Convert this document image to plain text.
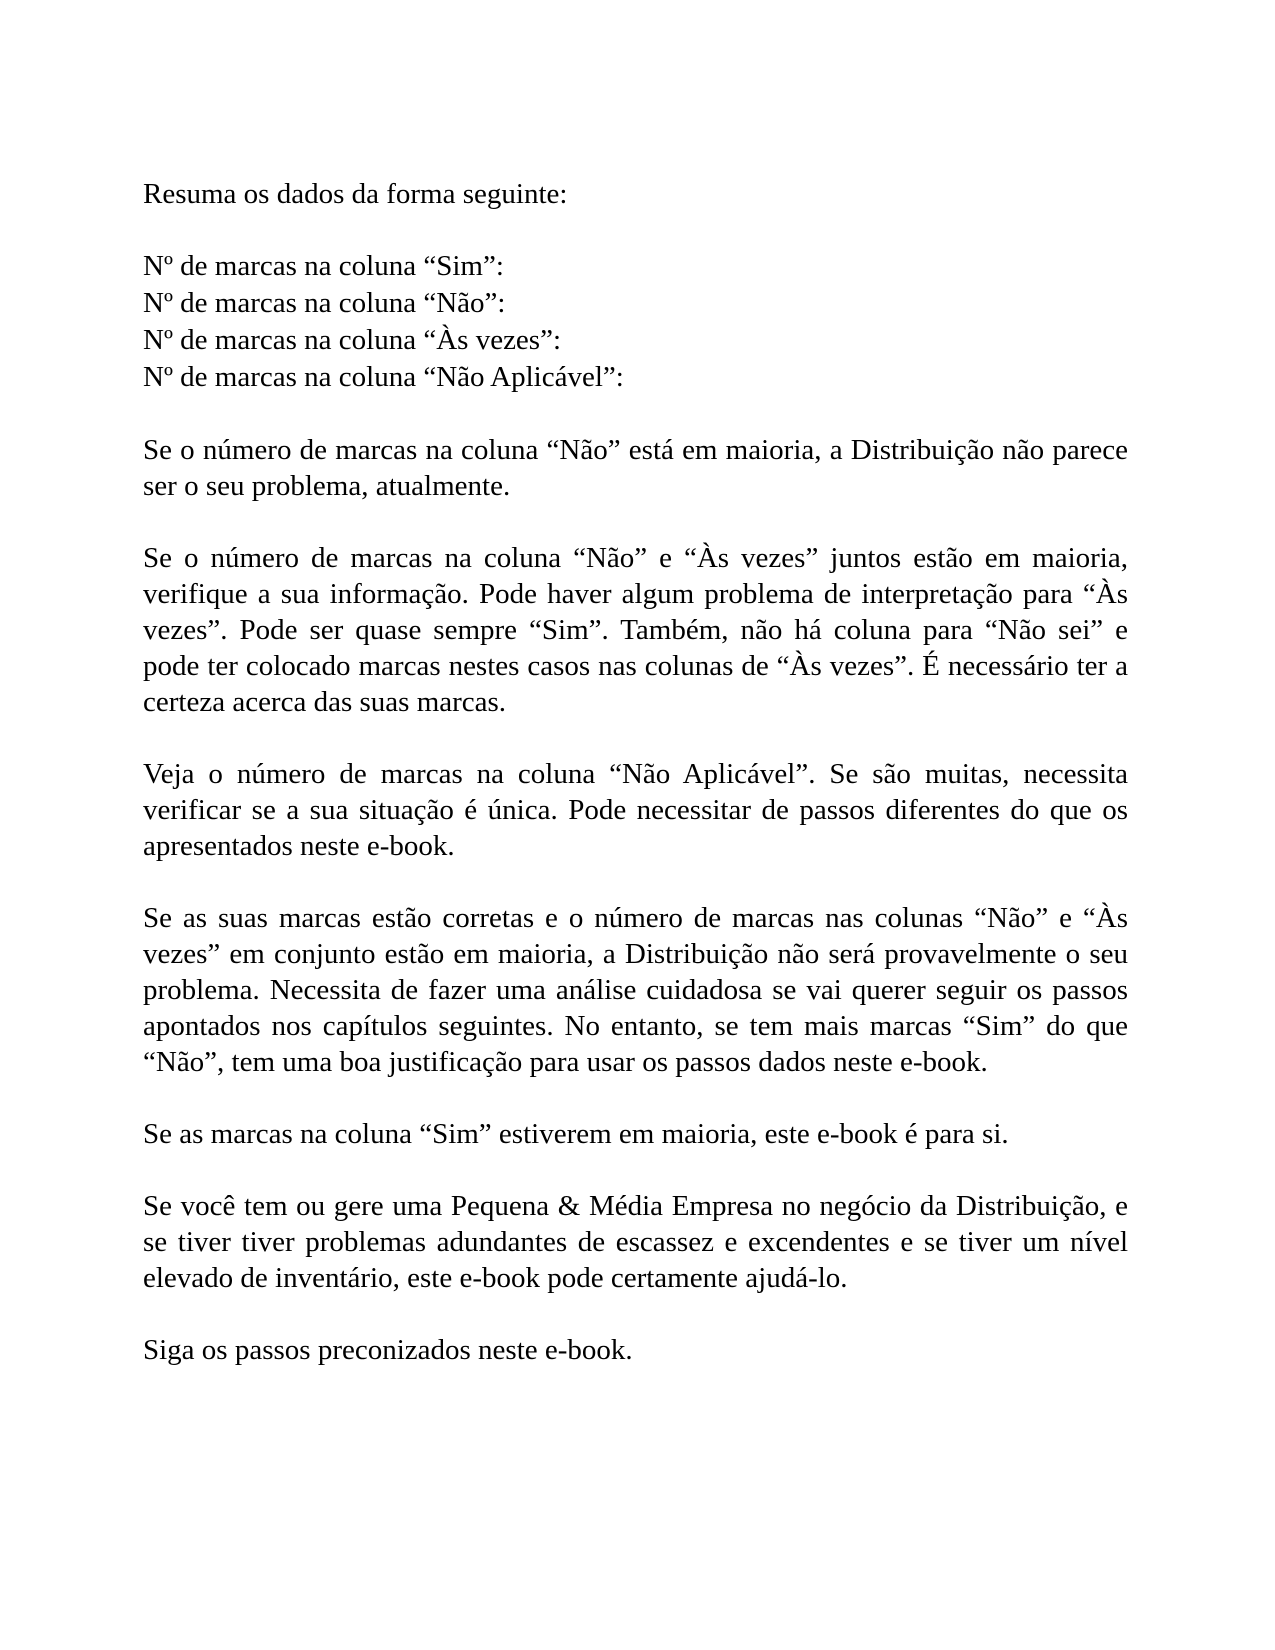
Resuma os dados da forma seguinte:

Nº de marcas na coluna “Sim”:
Nº de marcas na coluna “Não”:
Nº de marcas na coluna “Às vezes”:
Nº de marcas na coluna “Não Aplicável”:

Se o número de marcas na coluna “Não” está em maioria, a Distribuição não parece ser o seu problema, atualmente.

Se o número de marcas na coluna “Não” e “Às vezes” juntos estão em maioria, verifique a sua informação. Pode haver algum problema de interpretação para “Às vezes”. Pode ser quase sempre “Sim”. Também, não há coluna para “Não sei” e pode ter colocado marcas nestes casos nas colunas de “Às vezes”. É necessário ter a certeza acerca das suas marcas.

Veja o número de marcas na coluna “Não Aplicável”. Se são muitas, necessita verificar se a sua situação é única. Pode necessitar de passos diferentes do que os apresentados neste e-book.

Se as suas marcas estão corretas e o número de marcas nas colunas “Não” e “Às vezes” em conjunto estão em maioria, a Distribuição não será provavelmente o seu problema. Necessita de fazer uma análise cuidadosa se vai querer seguir os passos apontados nos capítulos seguintes. No entanto, se tem mais marcas “Sim” do que “Não”, tem uma boa justificação para usar os passos dados neste e-book.

Se as marcas na coluna “Sim” estiverem em maioria, este e-book é para si.

Se você tem ou gere uma Pequena & Média Empresa no negócio da Distribuição, e se tiver tiver problemas adundantes de escassez e excendentes e se tiver um nível elevado de inventário, este e-book pode certamente ajudá-lo.

Siga os passos preconizados neste e-book.
